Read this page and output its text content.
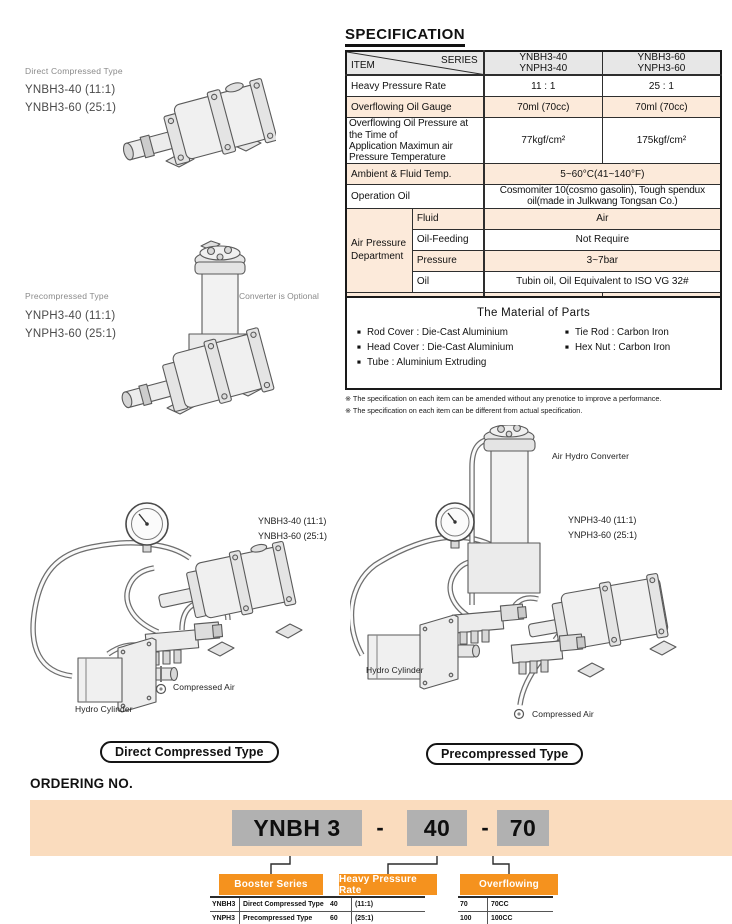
Direct Compressed Type
YNBH3-40 (11:1)
YNBH3-60 (25:1)
Precompressed Type
YNPH3-40 (11:1)
YNPH3-60 (25:1)
Converter is Optional
SPECIFICATION
SERIES
ITEM

YNBH3-40
YNPH3-40

YNBH3-60
YNPH3-60

Heavy Pressure Rate		11 : 1	25 : 1
Overflowing Oil Gauge		70ml (70cc)	70ml (70cc)

Overflowing Oil Pressure at the Time of
Application Maximun air Pressure Temperature		77kgf/cm²	175kgf/cm²
Ambient & Fluid Temp.		5~60°C(41~140°F)	
Operation Oil		Cosmomiter 10(cosmo gasolin), Tough spendux oil(made in Julkwang Tongsan Co.)	
Air Pressure Department	Fluid	Air	
	Oil-Feeding	Not Require	
	Pressure	3~7bar	
	Oil	Tubin oil, Oil Equivalent to ISO VG 32#	

The Material of Parts
■ Rod Cover : Die-Cast Aluminium	■ Tie Rod : Carbon Iron
■ Head Cover : Die-Cast Aluminium	■ Hex Nut : Carbon Iron
■ Tube : Aluminium Extruding
※ The specification on each item can be amended without any prenotice to improve a performance.
※ The specification on each item can be different from actual specification.
YNBH3-40 (11:1)
YNBH3-60 (25:1)
Compressed Air
Hydro Cylinder
Direct Compressed Type
Air Hydro Converter
YNPH3-40 (11:1)
YNPH3-60 (25:1)
Hydro Cylinder
Compressed Air
Precompressed Type
ORDERING NO.
YNBH 3	-	40	- 70
Booster Series	Heavy Pressure Rate	Overflowing
YNBH3	Direct Compressed Type
YNPH3	Precompressed Type
40	(11:1)
60	(25:1)
70	70CC
100	100CC
